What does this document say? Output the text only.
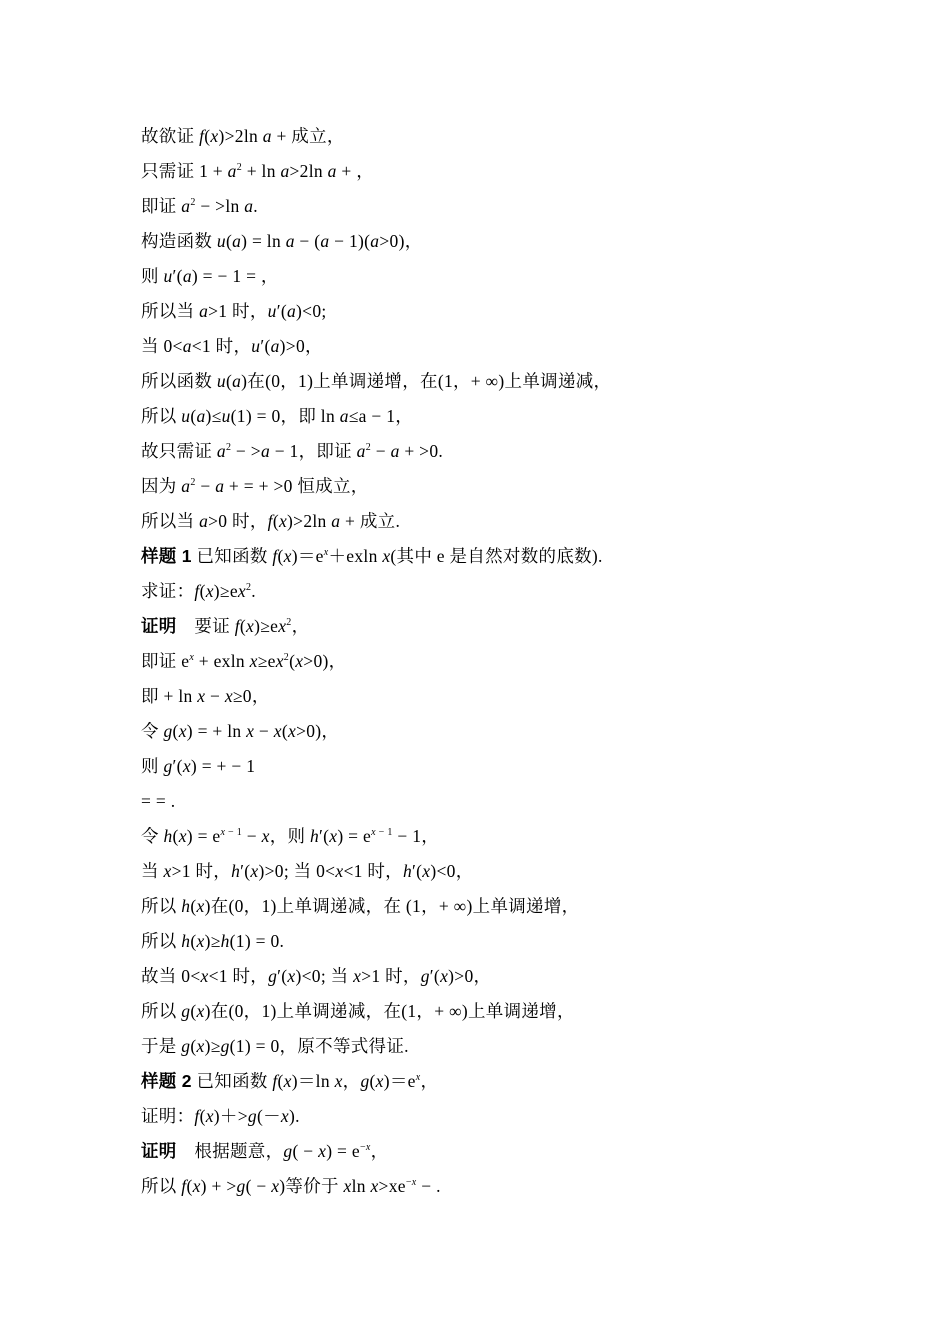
故欲证 f(x)>2ln a + 成立，
只需证 $1 + a^2 + \ln a>2\ln$ a + ，
即证 $a^2 - >\ln$ a.
构造函数 u(a) = ln a − (a − 1)(a>0)，
则 u′(a) = − 1 = ，
所以当 a>1 时，u′(a)<0;
当 0<a<1 时，u′(a)>0，
所以函数 u(a)在(0，1)上单调递增，在(1，+ ∞)上单调递减，
所以 u(a)≤u(1) = 0，即 ln a≤a − 1，
故只需证 $a^2 - >a - 1$，即证 $a^2 - a + >0$.
因为 $a^2 - a$ + = + >0 恒成立，
所以当 a>0 时，f(x)>2ln a + 成立.
样题 1 已知函数 $f(x)=e^x+exln$ x(其中 e 是自然对数的底数).
求证：$f(x)\ge ex^2$.
证明　要证 $f(x)\ge ex^2$，
即证 $e^x + exln$ $x\ge ex^2(x>0)$，
即 + ln x − x≥0，
令 g(x) = + ln x − x(x>0)，
则 g′(x) = + − 1
= = .
令 $h(x) = e^{x - 1} - x$，则 $h'(x) = e^{x - 1} - 1$，
当 x>1 时，h′(x)>0; 当 0<x<1 时，h′(x)<0，
所以 h(x)在(0，1)上单调递减，在 (1，+ ∞)上单调递增，
所以 h(x)≥h(1) = 0.
故当 0<x<1 时，g′(x)<0; 当 x>1 时，g′(x)>0，
所以 g(x)在(0，1)上单调递减，在(1，+ ∞)上单调递增，
于是 g(x)≥g(1) = 0，原不等式得证.
样题 2 已知函数 f(x)＝ln x，$g(x)=e^x$，
证明：f(x)＋>g(－x).
证明　根据题意，$g( - x) = e^{-x}$，
所以 f(x) + >g( − x)等价于 xln $x>xe^{-x}$ − .
